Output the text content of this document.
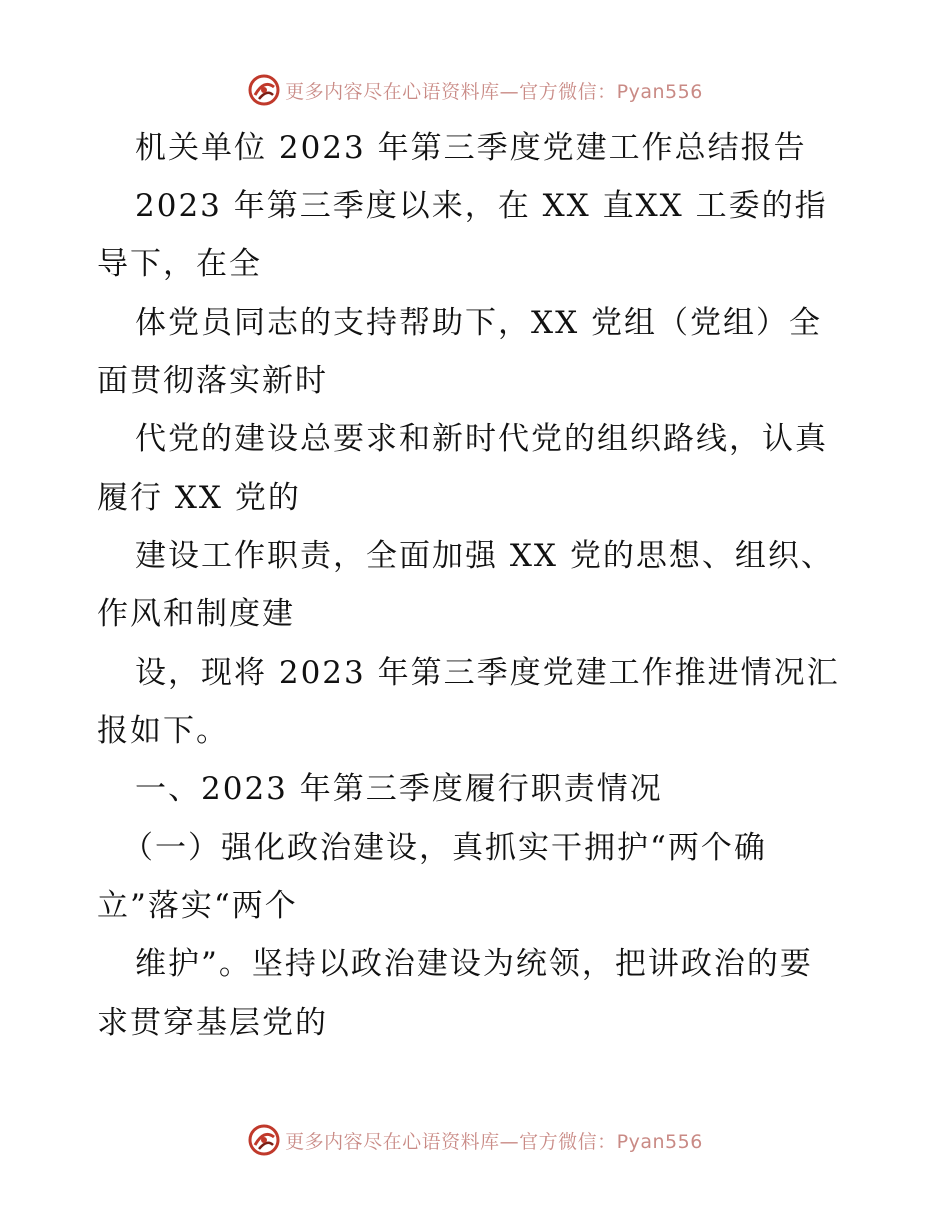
更多内容尽在心语资料库—官方微信：Pyan556
机关单位 2023 年第三季度党建工作总结报告
2023 年第三季度以来，在 XX 直XX 工委的指
导下，在全
体党员同志的支持帮助下，XX 党组（党组）全
面贯彻落实新时
代党的建设总要求和新时代党的组织路线，认真
履行 XX 党的
建设工作职责，全面加强 XX 党的思想、组织、
作风和制度建
设，现将 2023 年第三季度党建工作推进情况汇
报如下。
一、2023 年第三季度履行职责情况
（一）强化政治建设，真抓实干拥护“两个确
立”落实“两个
维护”。坚持以政治建设为统领，把讲政治的要
求贯穿基层党的
更多内容尽在心语资料库—官方微信：Pyan556
